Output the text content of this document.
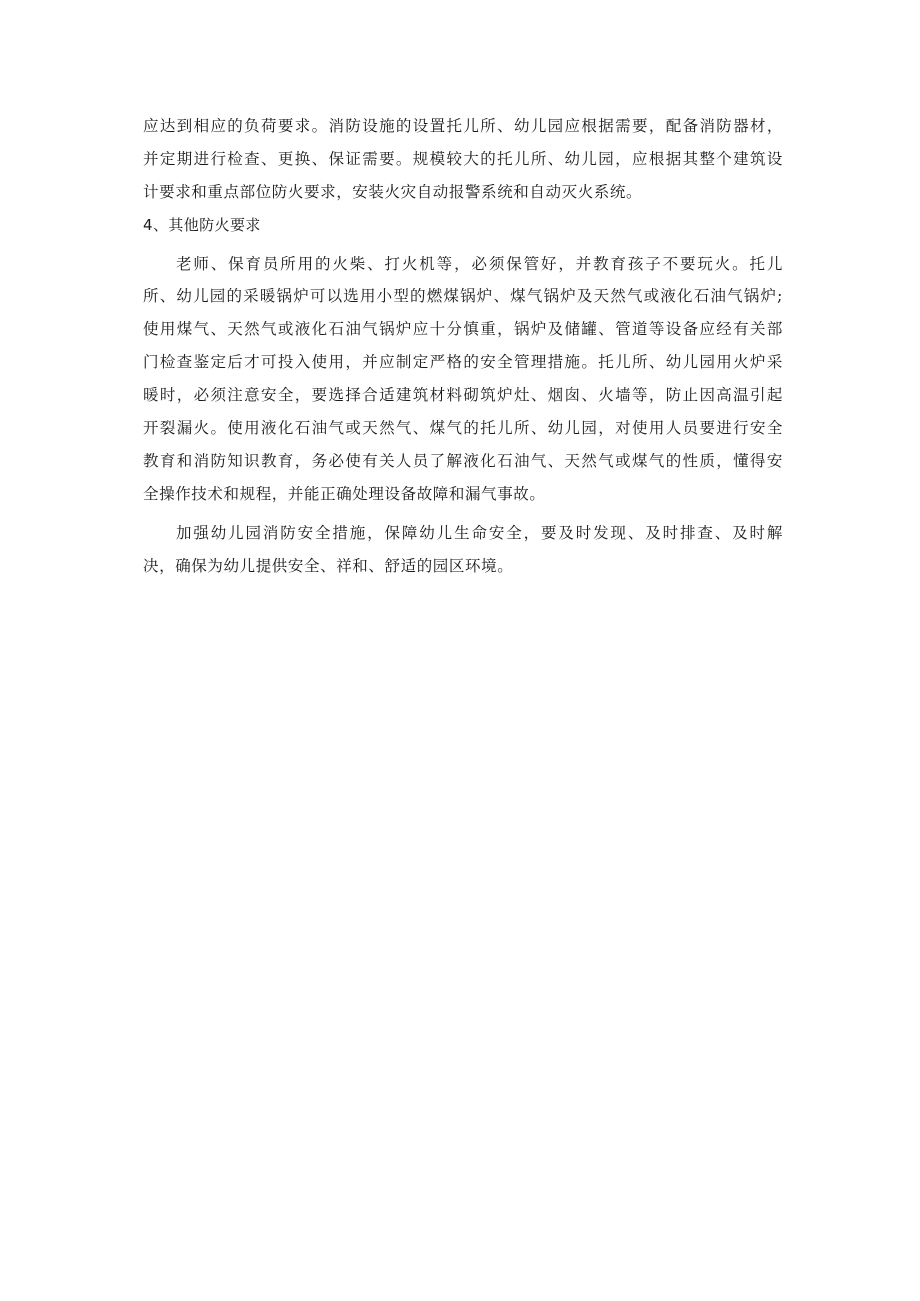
应达到相应的负荷要求。消防设施的设置托儿所、幼儿园应根据需要，配备消防器材，
并定期进行检查、更换、保证需要。规模较大的托儿所、幼儿园，应根据其整个建筑设
计要求和重点部位防火要求，安装火灾自动报警系统和自动灭火系统。
4、其他防火要求
老师、保育员所用的火柴、打火机等，必须保管好，并教育孩子不要玩火。托儿
所、幼儿园的采暖锅炉可以选用小型的燃煤锅炉、煤气锅炉及天然气或液化石油气锅炉;
使用煤气、天然气或液化石油气锅炉应十分慎重，锅炉及储罐、管道等设备应经有关部
门检查鉴定后才可投入使用，并应制定严格的安全管理措施。托儿所、幼儿园用火炉采
暖时，必须注意安全，要选择合适建筑材料砌筑炉灶、烟囱、火墙等，防止因高温引起
开裂漏火。使用液化石油气或天然气、煤气的托儿所、幼儿园，对使用人员要进行安全
教育和消防知识教育，务必使有关人员了解液化石油气、天然气或煤气的性质，懂得安
全操作技术和规程，并能正确处理设备故障和漏气事故。
加强幼儿园消防安全措施，保障幼儿生命安全，要及时发现、及时排查、及时解
决，确保为幼儿提供安全、祥和、舒适的园区环境。
